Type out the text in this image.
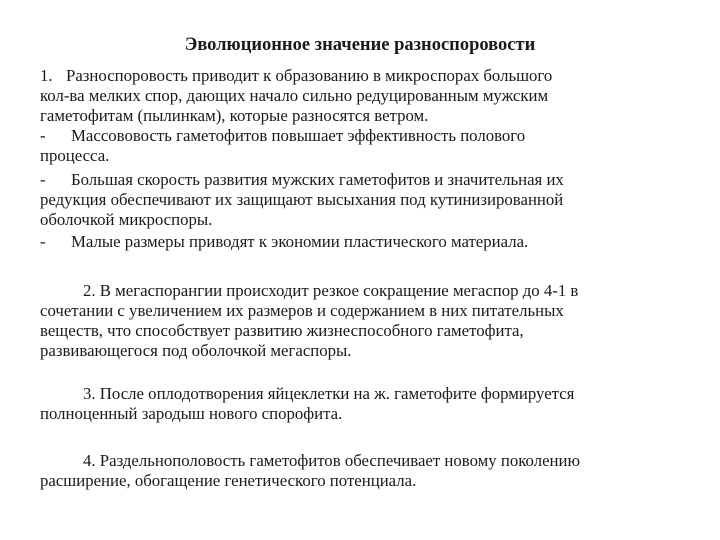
Эволюционное значение разноспоровости
1. Разноспоровость приводит к образованию в микроспорах большого
кол-ва мелких спор, дающих начало сильно редуцированным мужским
гаметофитам (пылинкам), которые разносятся ветром.
- Массововость гаметофитов повышает эффективность полового
процесса.
- Большая скорость развития мужских гаметофитов и значительная их
редукция обеспечивают их защищают высыхания под кутинизированной
оболочкой микроспоры.
- Малые размеры приводят к экономии пластического материала.
2. В мегаспорангии происходит резкое сокращение мегаспор до 4-1 в
сочетании с увеличением их размеров и содержанием в них питательных
веществ, что способствует развитию жизнеспособного гаметофита,
развивающегося под оболочкой мегаспоры.
3. После оплодотворения яйцеклетки на ж. гаметофите формируется
полноценный зародыш нового спорофита.
4. Раздельнополовость гаметофитов обеспечивает новому поколению
расширение, обогащение генетического потенциала.
